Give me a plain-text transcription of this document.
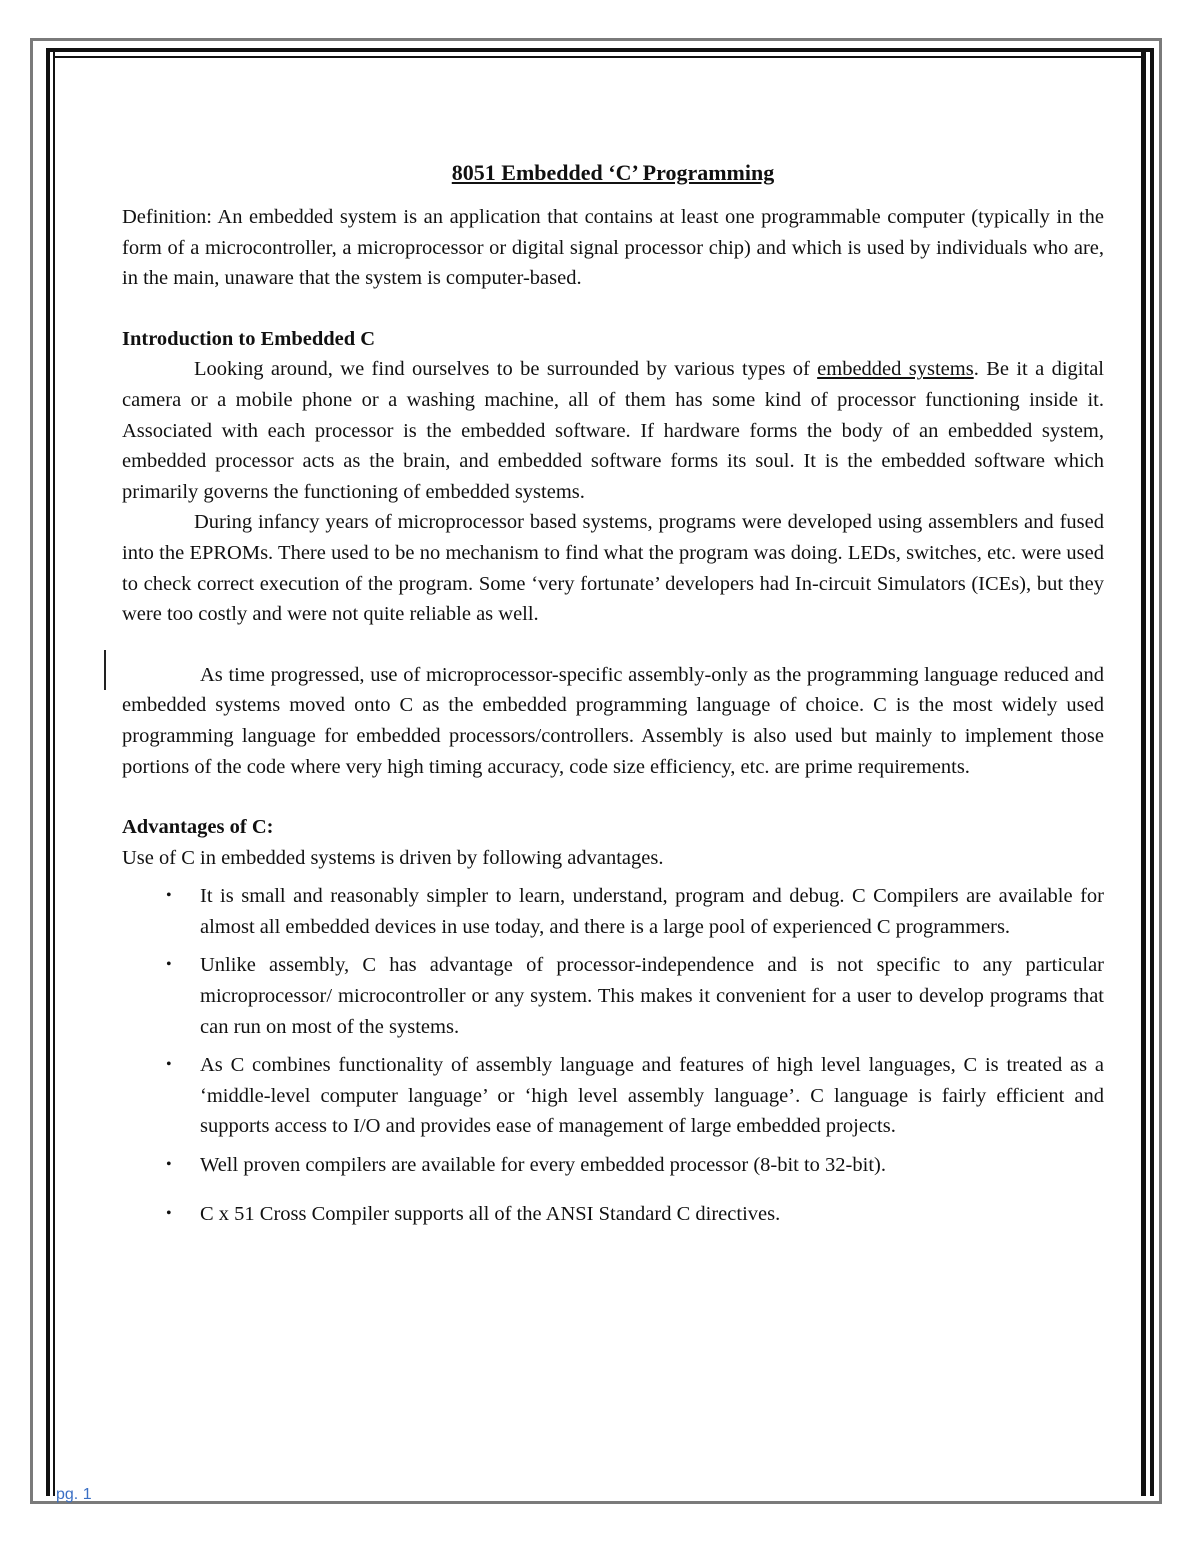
8051 Embedded ‘C’ Programming

Definition: An embedded system is an application that contains at least one programmable computer (typically in the form of a microcontroller, a microprocessor or digital signal processor chip) and which is used by individuals who are, in the main, unaware that the system is computer-based.

Introduction to Embedded C

Looking around, we find ourselves to be surrounded by various types of embedded systems. Be it a digital camera or a mobile phone or a washing machine, all of them has some kind of processor functioning inside it. Associated with each processor is the embedded software. If hardware forms the body of an embedded system, embedded processor acts as the brain, and embedded software forms its soul. It is the embedded software which primarily governs the functioning of embedded systems.

During infancy years of microprocessor based systems, programs were developed using assemblers and fused into the EPROMs. There used to be no mechanism to find what the program was doing. LEDs, switches, etc. were used to check correct execution of the program. Some ‘very fortunate’ developers had In-circuit Simulators (ICEs), but they were too costly and were not quite reliable as well.

As time progressed, use of microprocessor-specific assembly-only as the programming language reduced and embedded systems moved onto C as the embedded programming language of choice. C is the most widely used programming language for embedded processors/controllers. Assembly is also used but mainly to implement those portions of the code where very high timing accuracy, code size efficiency, etc. are prime requirements.

Advantages of C:

Use of C in embedded systems is driven by following advantages.

• It is small and reasonably simpler to learn, understand, program and debug. C Compilers are available for almost all embedded devices in use today, and there is a large pool of experienced C programmers.
• Unlike assembly, C has advantage of processor-independence and is not specific to any particular microprocessor/ microcontroller or any system. This makes it convenient for a user to develop programs that can run on most of the systems.
• As C combines functionality of assembly language and features of high level languages, C is treated as a ‘middle-level computer language’ or ‘high level assembly language’. C language is fairly efficient and supports access to I/O and provides ease of management of large embedded projects.
• Well proven compilers are available for every embedded processor (8-bit to 32-bit).
• C x 51 Cross Compiler supports all of the ANSI Standard C directives.
pg. 1
